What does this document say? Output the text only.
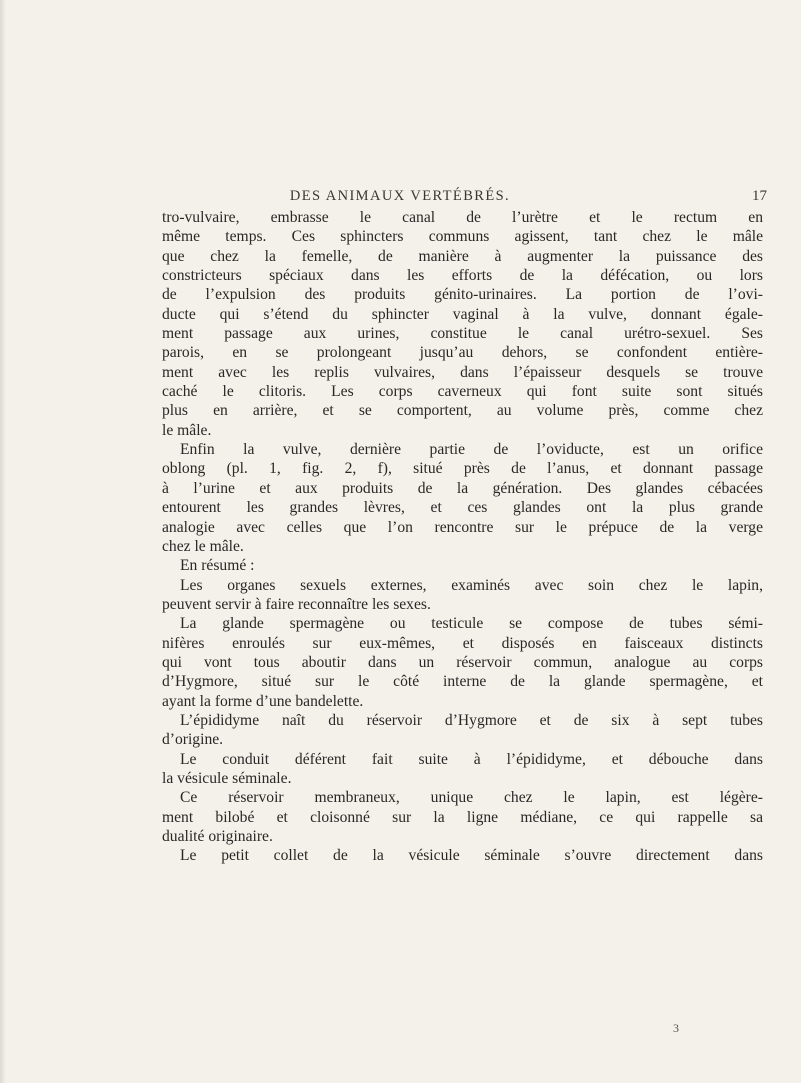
DES ANIMAUX VERTÉBRÉS.	17
tro-vulvaire, embrasse le canal de l’urètre et le rectum en
même temps. Ces sphincters communs agissent, tant chez le mâle
que chez la femelle, de manière à augmenter la puissance des
constricteurs spéciaux dans les efforts de la défécation, ou lors
de l’expulsion des produits génito-urinaires. La portion de l’ovi-
ducte qui s’étend du sphincter vaginal à la vulve, donnant égale-
ment passage aux urines, constitue le canal urétro-sexuel. Ses
parois, en se prolongeant jusqu’au dehors, se confondent entière-
ment avec les replis vulvaires, dans l’épaisseur desquels se trouve
caché le clitoris. Les corps caverneux qui font suite sont situés
plus en arrière, et se comportent, au volume près, comme chez
le mâle.
Enfin la vulve, dernière partie de l’oviducte, est un orifice
oblong (pl. 1, fig. 2, f), situé près de l’anus, et donnant passage
à l’urine et aux produits de la génération. Des glandes cébacées
entourent les grandes lèvres, et ces glandes ont la plus grande
analogie avec celles que l’on rencontre sur le prépuce de la verge
chez le mâle.
En résumé :
Les organes sexuels externes, examinés avec soin chez le lapin,
peuvent servir à faire reconnaître les sexes.
La glande spermagène ou testicule se compose de tubes sémi-
nifères enroulés sur eux-mêmes, et disposés en faisceaux distincts
qui vont tous aboutir dans un réservoir commun, analogue au corps
d’Hygmore, situé sur le côté interne de la glande spermagène, et
ayant la forme d’une bandelette.
L’épididyme naît du réservoir d’Hygmore et de six à sept tubes
d’origine.
Le conduit déférent fait suite à l’épididyme, et débouche dans
la vésicule séminale.
Ce réservoir membraneux, unique chez le lapin, est légère-
ment bilobé et cloisonné sur la ligne médiane, ce qui rappelle sa
dualité originaire.
Le petit collet de la vésicule séminale s’ouvre directement dans
3
